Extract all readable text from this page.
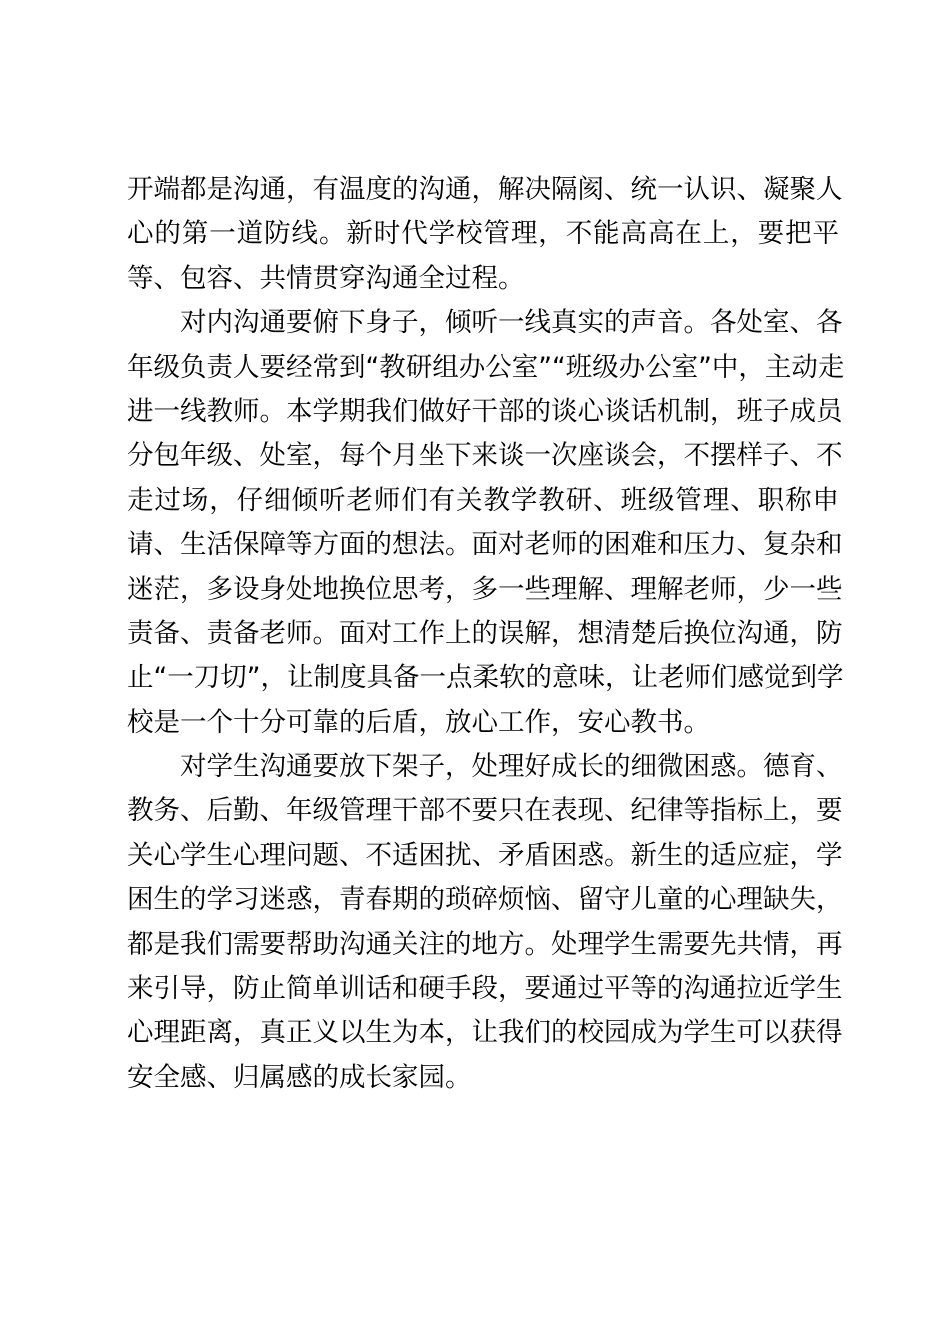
开端都是沟通，有温度的沟通，解决隔阂、统一认识、凝聚人
心的第一道防线。新时代学校管理，不能高高在上，要把平
等、包容、共情贯穿沟通全过程。
对内沟通要俯下身子，倾听一线真实的声音。各处室、各
年级负责人要经常到“教研组办公室”“班级办公室”中，主动走
进一线教师。本学期我们做好干部的谈心谈话机制，班子成员
分包年级、处室，每个月坐下来谈一次座谈会，不摆样子、不
走过场，仔细倾听老师们有关教学教研、班级管理、职称申
请、生活保障等方面的想法。面对老师的困难和压力、复杂和
迷茫，多设身处地换位思考，多一些理解、理解老师，少一些
责备、责备老师。面对工作上的误解，想清楚后换位沟通，防
止“一刀切”，让制度具备一点柔软的意味，让老师们感觉到学
校是一个十分可靠的后盾，放心工作，安心教书。
对学生沟通要放下架子，处理好成长的细微困惑。德育、
教务、后勤、年级管理干部不要只在表现、纪律等指标上，要
关心学生心理问题、不适困扰、矛盾困惑。新生的适应症，学
困生的学习迷惑，青春期的琐碎烦恼、留守儿童的心理缺失，
都是我们需要帮助沟通关注的地方。处理学生需要先共情，再
来引导，防止简单训话和硬手段，要通过平等的沟通拉近学生
心理距离，真正义以生为本，让我们的校园成为学生可以获得
安全感、归属感的成长家园。
